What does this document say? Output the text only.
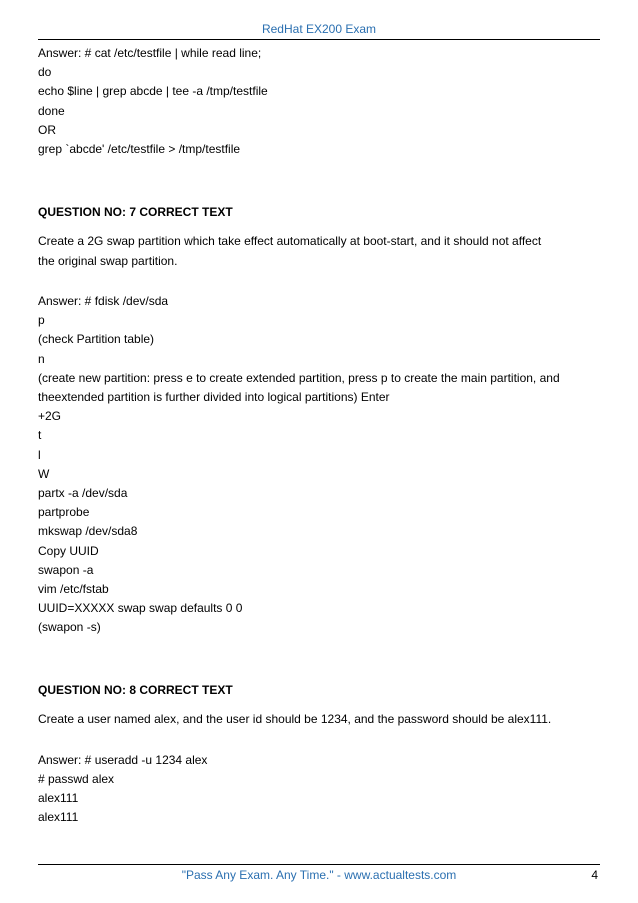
RedHat EX200 Exam
Answer: # cat /etc/testfile | while read line;
do
echo $line | grep abcde | tee -a /tmp/testfile
done
OR
grep `abcde' /etc/testfile > /tmp/testfile
QUESTION NO: 7 CORRECT TEXT
Create a 2G swap partition which take effect automatically at boot-start, and it should not affect
the original swap partition.
Answer: # fdisk /dev/sda
p
(check Partition table)
n
(create new partition: press e to create extended partition, press p to create the main partition, and
theextended partition is further divided into logical partitions) Enter
+2G
t
l
W
partx -a /dev/sda
partprobe
mkswap /dev/sda8
Copy UUID
swapon -a
vim /etc/fstab
UUID=XXXXX swap swap defaults 0 0
(swapon -s)
QUESTION NO: 8 CORRECT TEXT
Create a user named alex, and the user id should be 1234, and the password should be alex111.
Answer: # useradd -u 1234 alex
# passwd alex
alex111
alex111
"Pass Any Exam. Any Time." - www.actualtests.com	4
